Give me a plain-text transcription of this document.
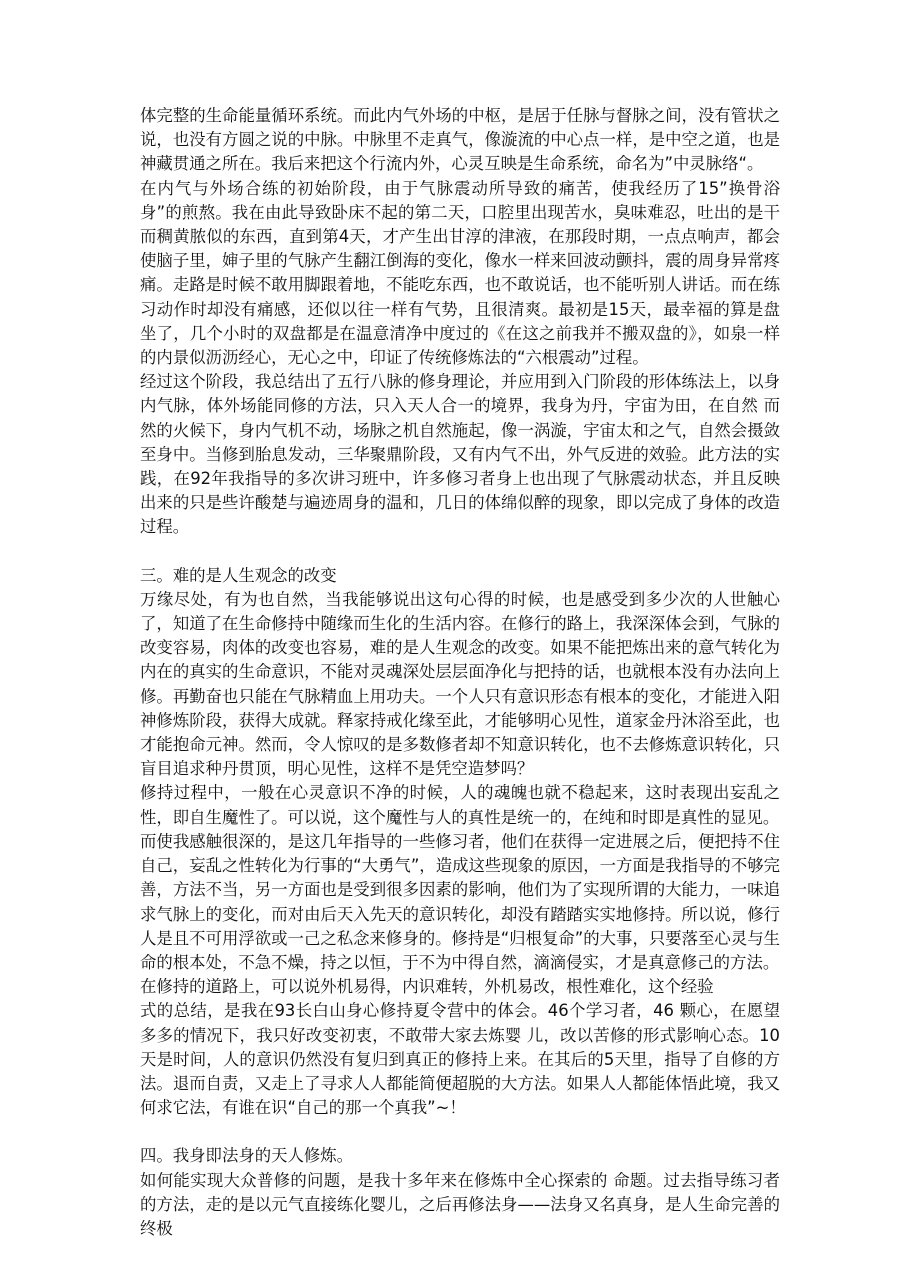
体完整的生命能量循环系统。而此内气外场的中枢，是居于任脉与督脉之间，没有管状之说，也没有方圆之说的中脉。中脉里不走真气，像漩流的中心点一样，是中空之道，也是神藏贯通之所在。我后来把这个行流内外，心灵互映是生命系统，命名为”中灵脉络“。

在内气与外场合练的初始阶段，由于气脉震动所导致的痛苦，使我经历了15”换骨浴身”的煎熬。我在由此导致卧床不起的第二天，口腔里出现苦水，臭味难忍，吐出的是干而稠黄脓似的东西，直到第4天，才产生出甘淳的津液，在那段时期，一点点响声，都会使脑子里，婶子里的气脉产生翻江倒海的变化，像水一样来回波动颤抖，震的周身异常疼痛。走路是时候不敢用脚跟着地，不能吃东西，也不敢说话，也不能听别人讲话。而在练习动作时却没有痛感，还似以往一样有气势，且很清爽。最初是15天，最幸福的算是盘坐了，几个小时的双盘都是在温意清净中度过的《在这之前我并不搬双盘的》，如泉一样的内景似沥沥经心，无心之中，印证了传统修炼法的“六根震动”过程。

经过这个阶段，我总结出了五行八脉的修身理论，并应用到入门阶段的形体练法上，以身内气脉，体外场能同修的方法，只入天人合一的境界，我身为丹，宇宙为田，在自然 而然的火候下，身内气机不动，场脉之机自然施起，像一涡漩，宇宙太和之气，自然会摄敛至身中。当修到胎息发动，三华聚鼎阶段，又有内气不出，外气反进的效验。此方法的实践，在92年我指导的多次讲习班中，许多修习者身上也出现了气脉震动状态，并且反映出来的只是些许酸楚与遍迹周身的温和，几日的体绵似醉的现象，即以完成了身体的改造过程。

三。难的是人生观念的改变

万缘尽处，有为也自然，当我能够说出这句心得的时候，也是感受到多少次的人世触心了，知道了在生命修持中随缘而生化的生活内容。在修行的路上，我深深体会到，气脉的改变容易，肉体的改变也容易，难的是人生观念的改变。如果不能把炼出来的意气转化为内在的真实的生命意识，不能对灵魂深处层层面净化与把持的话，也就根本没有办法向上修。再勤奋也只能在气脉精血上用功夫。一个人只有意识形态有根本的变化，才能进入阳神修炼阶段，获得大成就。释家持戒化缘至此，才能够明心见性，道家金丹沐浴至此，也才能抱命元神。然而，令人惊叹的是多数修者却不知意识转化，也不去修炼意识转化，只盲目追求种丹贯顶，明心见性，这样不是凭空造梦吗？

修持过程中，一般在心灵意识不净的时候，人的魂魄也就不稳起来，这时表现出妄乱之性，即自生魔性了。可以说，这个魔性与人的真性是统一的，在纯和时即是真性的显见。

而使我感触很深的，是这几年指导的一些修习者，他们在获得一定进展之后，便把持不住自己，妄乱之性转化为行事的“大勇气”，造成这些现象的原因，一方面是我指导的不够完善，方法不当，另一方面也是受到很多因素的影响，他们为了实现所谓的大能力，一味追求气脉上的变化，而对由后天入先天的意识转化，却没有踏踏实实地修持。所以说，修行人是且不可用浮欲或一己之私念来修身的。修持是“归根复命”的大事，只要落至心灵与生命的根本处，不急不燥，持之以恒，于不为中得自然，滴滴侵实，才是真意修己的方法。

在修持的道路上，可以说外机易得，内识难转，外机易改，根性难化，这个经验

式的总结，是我在93长白山身心修持夏令营中的体会。46个学习者，46 颗心，在愿望多多的情况下，我只好改变初衷，不敢带大家去炼婴 儿，改以苦修的形式影响心态。10天是时间，人的意识仍然没有复归到真正的修持上来。在其后的5天里，指导了自修的方法。退而自责，又走上了寻求人人都能简便超脱的大方法。如果人人都能体悟此境，我又何求它法，有谁在识“自己的那一个真我”~！

四。我身即法身的天人修炼。

如何能实现大众普修的问题，是我十多年来在修炼中全心探索的 命题。过去指导练习者的方法，走的是以元气直接练化婴儿，之后再修法身——法身又名真身，是人生命完善的终极
